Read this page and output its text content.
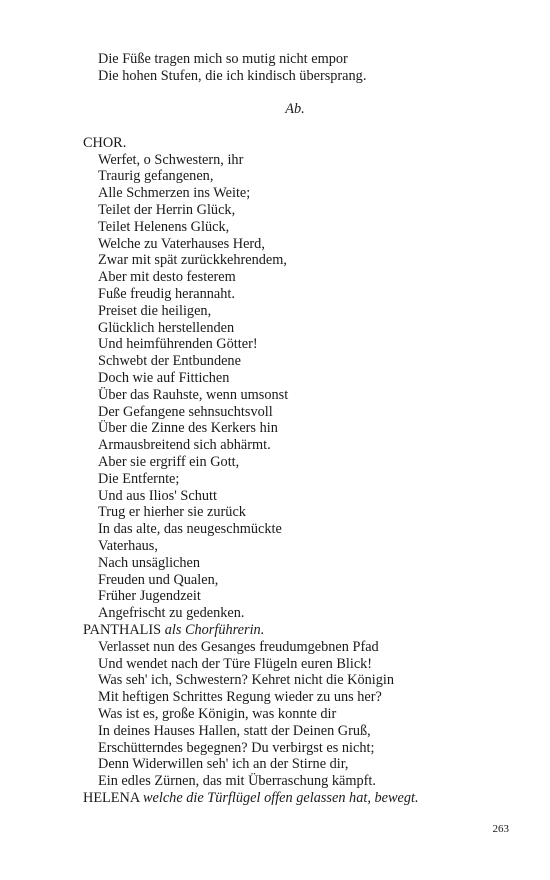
Die Füße tragen mich so mutig nicht empor
Die hohen Stufen, die ich kindisch übersprang.
Ab.
CHOR.
Werfet, o Schwestern, ihr
Traurig gefangenen,
Alle Schmerzen ins Weite;
Teilet der Herrin Glück,
Teilet Helenens Glück,
Welche zu Vaterhauses Herd,
Zwar mit spät zurückkehrendem,
Aber mit desto festerem
Fuße freudig herannaht.
Preiset die heiligen,
Glücklich herstellenden
Und heimführenden Götter!
Schwebt der Entbundene
Doch wie auf Fittichen
Über das Rauhste, wenn umsonst
Der Gefangene sehnsuchtsvoll
Über die Zinne des Kerkers hin
Armausbreitend sich abhärmt.
Aber sie ergriff ein Gott,
Die Entfernte;
Und aus Ilios' Schutt
Trug er hierher sie zurück
In das alte, das neugeschmückte
Vaterhaus,
Nach unsäglichen
Freuden und Qualen,
Früher Jugendzeit
Angefrischt zu gedenken.
PANTHALIS als Chorführerin.
Verlasset nun des Gesanges freudumgebnen Pfad
Und wendet nach der Türe Flügeln euren Blick!
Was seh' ich, Schwestern? Kehret nicht die Königin
Mit heftigen Schrittes Regung wieder zu uns her?
Was ist es, große Königin, was konnte dir
In deines Hauses Hallen, statt der Deinen Gruß,
Erschütterndes begegnen? Du verbirgst es nicht;
Denn Widerwillen seh' ich an der Stirne dir,
Ein edles Zürnen, das mit Überraschung kämpft.
HELENA welche die Türflügel offen gelassen hat, bewegt.
263
